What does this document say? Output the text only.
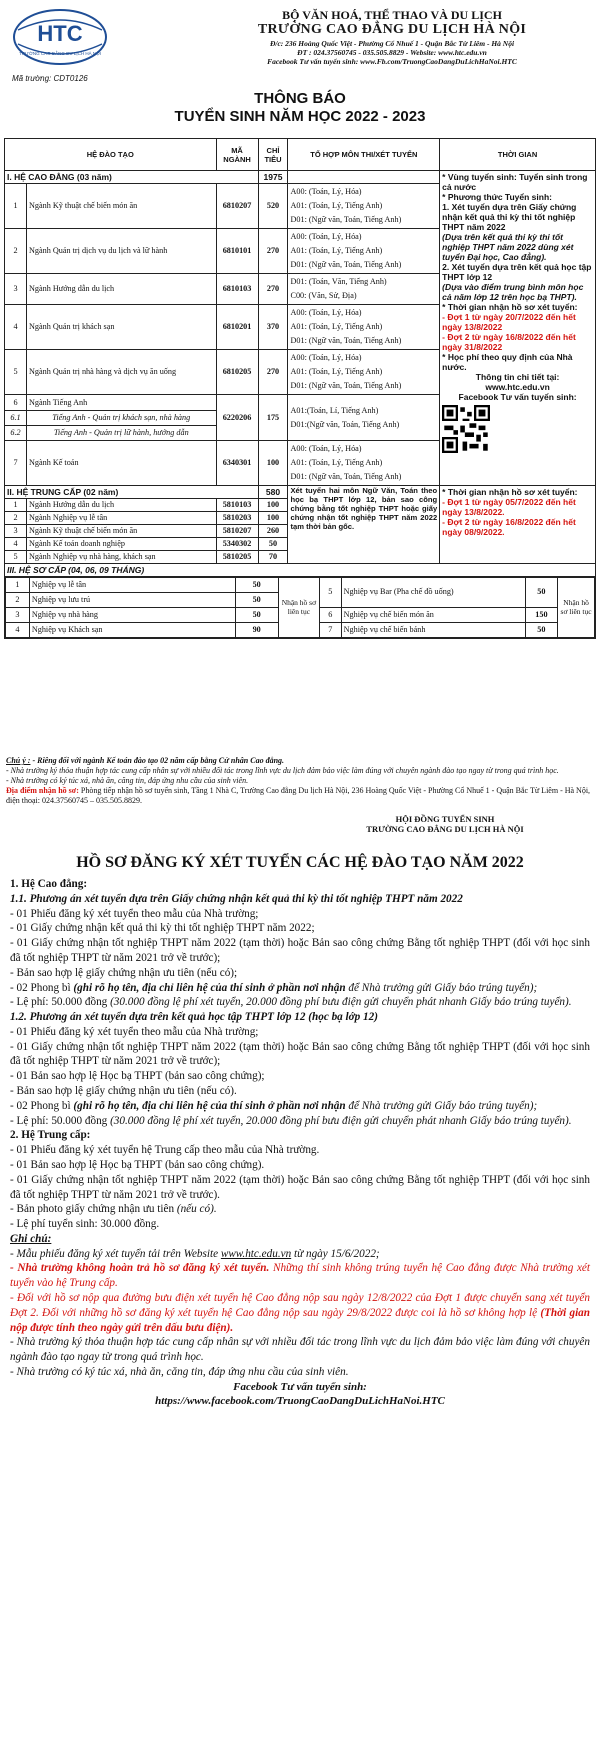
HTC
TRƯỜNG CAO ĐẲNG DU LỊCH HÀ NỘI
Mã trường: CDT0126
BỘ VĂN HOÁ, THỂ THAO VÀ DU LỊCH
TRƯỜNG CAO ĐẲNG DU LỊCH HÀ NỘI
Đ/c: 236 Hoàng Quốc Việt - Phường Cổ Nhuế 1 - Quận Bắc Từ Liêm - Hà Nội
ĐT : 024.37560745 - 035.505.8829 - Website: www.htc.edu.vn
Facebook Tư vấn tuyển sinh: www.Fb.com/TruongCaoDangDuLichHaNoi.HTC
THÔNG BÁO
TUYỂN SINH NĂM HỌC 2022 - 2023
HỆ ĐÀO TẠO	MÃ NGÀNH	CHỈ TIÊU	TỔ HỢP MÔN THI/XÉT TUYỂN	THỜI GIAN
I. HỆ CAO ĐẲNG (03 năm)	1975		* Vùng tuyển sinh: Tuyển sinh trong cả nước
* Phương thức Tuyển sinh:
1. Xét tuyển dựa trên Giấy chứng nhận kết quả thi kỳ thi tốt nghiệp THPT năm 2022
(Dựa trên kết quả thi kỳ thi tốt nghiệp THPT năm 2022 dùng xét tuyển Đại học, Cao đẳng).
2. Xét tuyển dựa trên kết quả học tập THPT lớp 12
(Dựa vào điểm trung bình môn học cả năm lớp 12 trên học bạ THPT).
* Thời gian nhận hồ sơ xét tuyển:
- Đợt 1 từ ngày 20/7/2022 đến hết ngày 13/8/2022
- Đợt 2 từ ngày 16/8/2022 đến hết ngày 31/8/2022
* Học phí theo quy định của Nhà nước.
Thông tin chi tiết tại:
www.htc.edu.vn
Facebook Tư vấn tuyển sinh:

1	Ngành Kỹ thuật chế biến món ăn	6810207	520	
A00: (Toán, Lý, Hóa)
A01: (Toán, Lý, Tiếng Anh)
D01: (Ngữ văn, Toán, Tiếng Anh)

2	Ngành Quản trị dịch vụ du lịch và lữ hành	6810101	270	
A00: (Toán, Lý, Hóa)
A01: (Toán, Lý, Tiếng Anh)
D01: (Ngữ văn, Toán, Tiếng Anh)

3	Ngành Hướng dẫn du lịch	6810103	270	
D01: (Toán, Văn, Tiếng Anh)
C00: (Văn, Sử, Địa)

4	Ngành Quản trị khách sạn	6810201	370	
A00: (Toán, Lý, Hóa)
A01: (Toán, Lý, Tiếng Anh)
D01: (Ngữ văn, Toán, Tiếng Anh)

5	Ngành Quản trị nhà hàng và dịch vụ ăn uống	6810205	270	
A00: (Toán, Lý, Hóa)
A01: (Toán, Lý, Tiếng Anh)
D01: (Ngữ văn, Toán, Tiếng Anh)

6	Ngành Tiếng Anh	6220206	175	
A01:(Toán, Lí, Tiếng Anh)
D01:(Ngữ văn, Toán, Tiếng Anh)

6.1	Tiếng Anh - Quản trị khách sạn, nhà hàng
6.2	Tiếng Anh - Quản trị lữ hành, hướng dẫn
7	Ngành Kế toán	6340301	100	
A00: (Toán, Lý, Hóa)
A01: (Toán, Lý, Tiếng Anh)
D01: (Ngữ văn, Toán, Tiếng Anh)

II. HỆ TRUNG CẤP (02 năm)	580	Xét tuyển hai môn Ngữ Văn, Toán theo học bạ THPT lớp 12, bản sao công chứng bằng tốt nghiệp THPT hoặc giấy chứng nhận tốt nghiệp THPT năm 2022 tạm thời bản gốc.	
* Thời gian nhận hồ sơ xét tuyển:
- Đợt 1 từ ngày 05/7/2022 đến hết ngày 13/8/2022.
- Đợt 2 từ ngày 16/8/2022 đến hết ngày 08/9/2022.

1	Ngành Hướng dẫn du lịch	5810103	100
2	Ngành Nghiệp vụ lễ tân	5810203	100
3	Ngành Kỹ thuật chế biến món ăn	5810207	260
4	Ngành Kế toán doanh nghiệp	5340302	50
5	Ngành Nghiệp vụ nhà hàng, khách sạn	5810205	70
III. HỆ SƠ CẤP (04, 06, 09 THÁNG)

1	Nghiệp vụ lễ tân	50	Nhận hồ sơ liên tục	5	Nghiệp vụ Bar (Pha chế đồ uống)	50	Nhận hồ sơ liên tục
2	Nghiệp vụ lưu trú	50
3	Nghiệp vụ nhà hàng	50	6	Nghiệp vụ chế biến món ăn	150
4	Nghiệp vụ Khách sạn	90	7	Nghiệp vụ chế biến bánh	50
Chú ý : - Riêng đối với ngành Kế toán đào tạo 02 năm cấp bằng Cử nhân Cao đẳng.
- Nhà trường ký thỏa thuận hợp tác cung cấp nhân sự với nhiều đối tác trong lĩnh vực du lịch đảm bảo việc làm đúng với chuyên ngành đào tạo ngay từ trong quá trình học.
- Nhà trường có ký túc xá, nhà ăn, căng tin, đáp ứng nhu cầu của sinh viên.
Địa điểm nhận hồ sơ: Phòng tiếp nhận hồ sơ tuyển sinh, Tầng 1 Nhà C, Trường Cao đẳng Du lịch Hà Nội, 236 Hoàng Quốc Việt - Phường Cổ Nhuế 1 - Quận Bắc Từ Liêm - Hà Nội, điện thoại: 024.37560745 – 035.505.8829.
HỘI ĐỒNG TUYỂN SINH
TRƯỜNG CAO ĐẲNG DU LỊCH HÀ NỘI
HỒ SƠ ĐĂNG KÝ XÉT TUYỂN CÁC HỆ ĐÀO TẠO NĂM 2022
1. Hệ Cao đẳng:

1.1. Phương án xét tuyển dựa trên Giấy chứng nhận kết quả thi kỳ thi tốt nghiệp THPT năm 2022

- 01 Phiếu đăng ký xét tuyển theo mẫu của Nhà trường;

- 01 Giấy chứng nhận kết quả thi kỳ thi tốt nghiệp THPT năm 2022;

- 01 Giấy chứng nhận tốt nghiệp THPT năm 2022 (tạm thời) hoặc Bản sao công chứng Bằng tốt nghiệp THPT (đối với học sinh đã tốt nghiệp THPT từ năm 2021 trở về trước);

- Bản sao hợp lệ giấy chứng nhận ưu tiên (nếu có);

- 02 Phong bì (ghi rõ họ tên, địa chỉ liên hệ của thí sinh ở phần nơi nhận để Nhà trường gửi Giấy báo trúng tuyển);

- Lệ phí: 50.000 đồng (30.000 đồng lệ phí xét tuyển, 20.000 đồng phí bưu điện gửi chuyển phát nhanh Giấy báo trúng tuyển).

1.2. Phương án xét tuyển dựa trên kết quả học tập THPT lớp 12 (học bạ lớp 12)

- 01 Phiếu đăng ký xét tuyển theo mẫu của Nhà trường;

- 01 Giấy chứng nhận tốt nghiệp THPT năm 2022 (tạm thời) hoặc Bản sao công chứng Bằng tốt nghiệp THPT (đối với học sinh đã tốt nghiệp THPT từ năm 2021 trở về trước);

- 01 Bản sao hợp lệ Học bạ THPT (bản sao công chứng);

- Bản sao hợp lệ giấy chứng nhận ưu tiên (nếu có).

- 02 Phong bì (ghi rõ họ tên, địa chỉ liên hệ của thí sinh ở phần nơi nhận để Nhà trường gửi Giấy báo trúng tuyển);

- Lệ phí: 50.000 đồng (30.000 đồng lệ phí xét tuyển, 20.000 đồng phí bưu điện gửi chuyển phát nhanh Giấy báo trúng tuyển).

2. Hệ Trung cấp:

- 01 Phiếu đăng ký xét tuyển hệ Trung cấp theo mẫu của Nhà trường.

- 01 Bản sao hợp lệ Học bạ THPT (bản sao công chứng).

- 01 Giấy chứng nhận tốt nghiệp THPT năm 2022 (tạm thời) hoặc Bản sao công chứng Bằng tốt nghiệp THPT (đối với học sinh đã tốt nghiệp THPT từ năm 2021 trở về trước).

- Bản photo giấy chứng nhận ưu tiên (nếu có).

- Lệ phí tuyển sinh: 30.000 đồng.

Ghi chú:

- Mẫu phiếu đăng ký xét tuyển tải trên Website www.htc.edu.vn từ ngày 15/6/2022;

- Nhà trường không hoàn trả hồ sơ đăng ký xét tuyển. Những thí sinh không trúng tuyển hệ Cao đẳng được Nhà trường xét tuyển vào hệ Trung cấp.

- Đối với hồ sơ nộp qua đường bưu điện xét tuyển hệ Cao đẳng nộp sau ngày 12/8/2022 của Đợt 1 được chuyển sang xét tuyển Đợt 2. Đối với những hồ sơ đăng ký xét tuyển hệ Cao đẳng nộp sau ngày 29/8/2022 được coi là hồ sơ không hợp lệ (Thời gian nộp được tính theo ngày gửi trên dấu bưu điện).

- Nhà trường ký thỏa thuận hợp tác cung cấp nhân sự với nhiều đối tác trong lĩnh vực du lịch đảm bảo việc làm đúng với chuyên ngành đào tạo ngay từ trong quá trình học.

- Nhà trường có ký túc xá, nhà ăn, căng tin, đáp ứng nhu cầu của sinh viên.

Facebook Tư vấn tuyển sinh:
https://www.facebook.com/TruongCaoDangDuLichHaNoi.HTC
